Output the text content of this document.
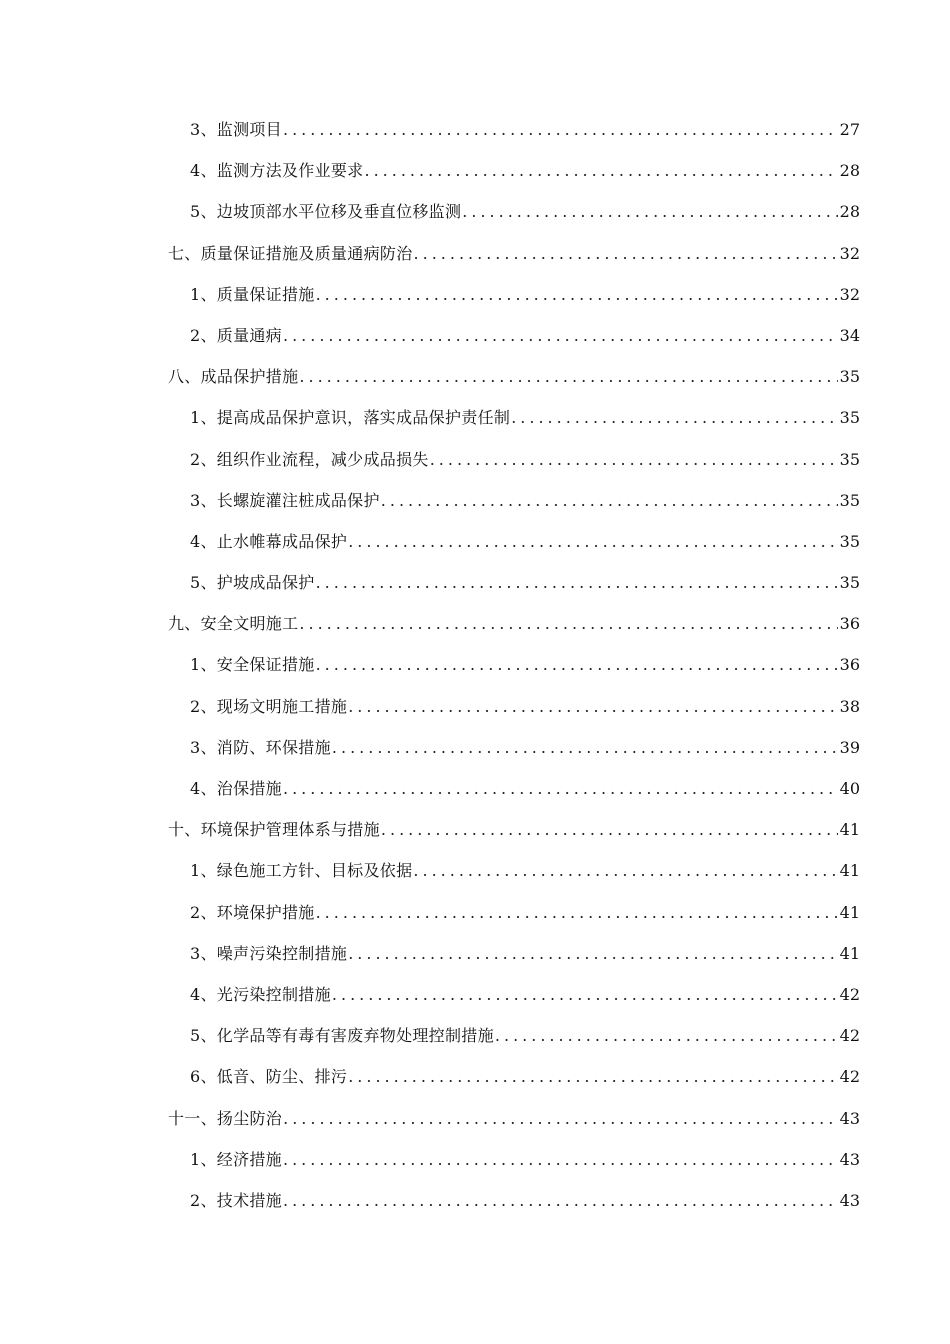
3、监测项目 .....	27
4、监测方法及作业要求 .....	28
5、边坡顶部水平位移及垂直位移监测 .....	28
七、质量保证措施及质量通病防治 .....	32
1、质量保证措施 .....	32
2、质量通病 .....	34
八、成品保护措施 .....	35
1、提高成品保护意识，落实成品保护责任制 .....	35
2、组织作业流程，减少成品损失 .....	35
3、长螺旋灌注桩成品保护 .....	35
4、止水帷幕成品保护 .....	35
5、护坡成品保护 .....	35
九、安全文明施工 .....	36
1、安全保证措施 .....	36
2、现场文明施工措施 .....	38
3、消防、环保措施 .....	39
4、治保措施 .....	40
十、环境保护管理体系与措施 .....	41
1、绿色施工方针、目标及依据 .....	41
2、环境保护措施 .....	41
3、噪声污染控制措施 .....	41
4、光污染控制措施 .....	42
5、化学品等有毒有害废弃物处理控制措施 .....	42
6、低音、防尘、排污 .....	42
十一、扬尘防治 .....	43
1、经济措施 .....	43
2、技术措施 .....	43
